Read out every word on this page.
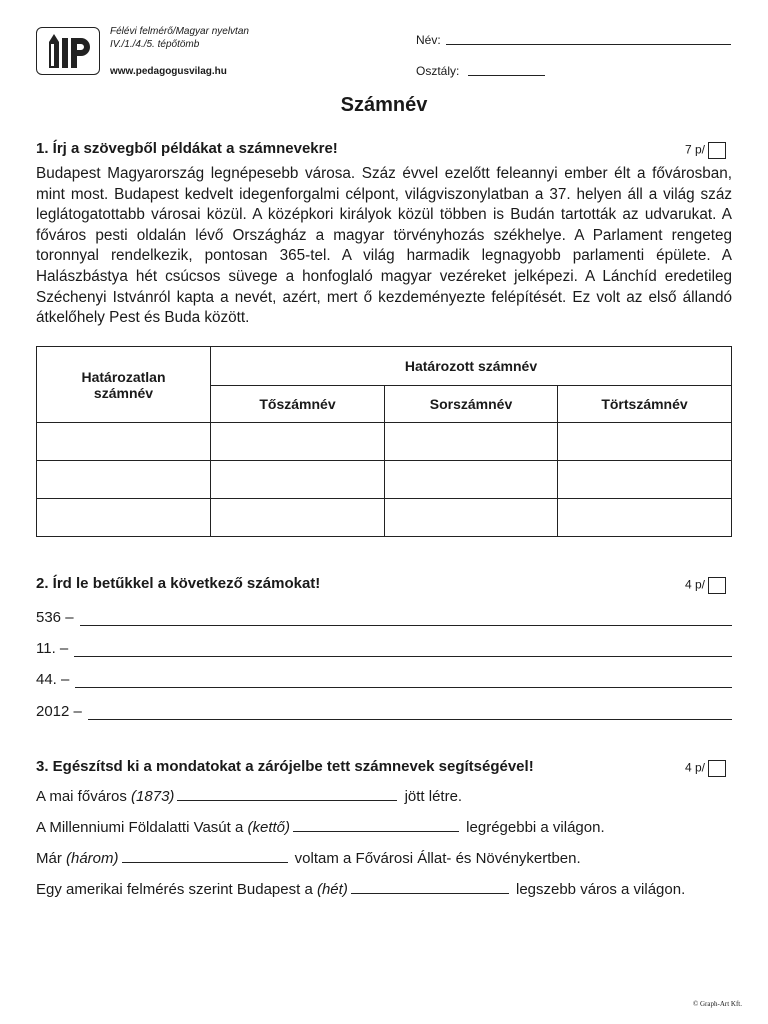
Félévi felmérő/Magyar nyelvtan
IV./1./4./5. tépőtömb
www.pedagogusvilag.hu
Név:
Osztály:
Számnév
1. Írj a szövegből példákat a számnevekre!	7 p/
Budapest Magyarország legnépesebb városa. Száz évvel ezelőtt feleannyi ember élt a fővárosban, mint most. Budapest kedvelt idegenforgalmi célpont, világviszonylatban a 37. helyen áll a világ száz leglátogatottabb városai közül. A középkori királyok közül többen is Budán tartották az udvarukat. A főváros pesti oldalán lévő Országház a magyar törvényhozás székhelye. A Parlament rengeteg toronnyal rendelkezik, pontosan 365-tel. A világ harmadik legnagyobb parlamenti épülete. A Halászbástya hét csúcsos süvege a honfoglaló magyar vezéreket jelképezi. A Lánchíd eredetileg Széchenyi Istvánról kapta a nevét, azért, mert ő kezdeményezte felépítését. Ez volt az első állandó átkelőhely Pest és Buda között.
Határozatlan számnév	Határozott számnév		
	Tőszámnév	Sorszámnév	Törtszámnév

2. Írd le betűkkel a következő számokat!	4 p/
536 –
11. –
44. –
2012 –
3. Egészítsd ki a mondatokat a zárójelbe tett számnevek segítségével!	4 p/
A mai főváros (1873)	jött létre.
A Millenniumi Földalatti Vasút a (kettő)	legrégebbi a világon.
Már (három)	voltam a Fővárosi Állat- és Növénykertben.
Egy amerikai felmérés szerint Budapest a (hét)	legszebb város a világon.
© Graph-Art Kft.
